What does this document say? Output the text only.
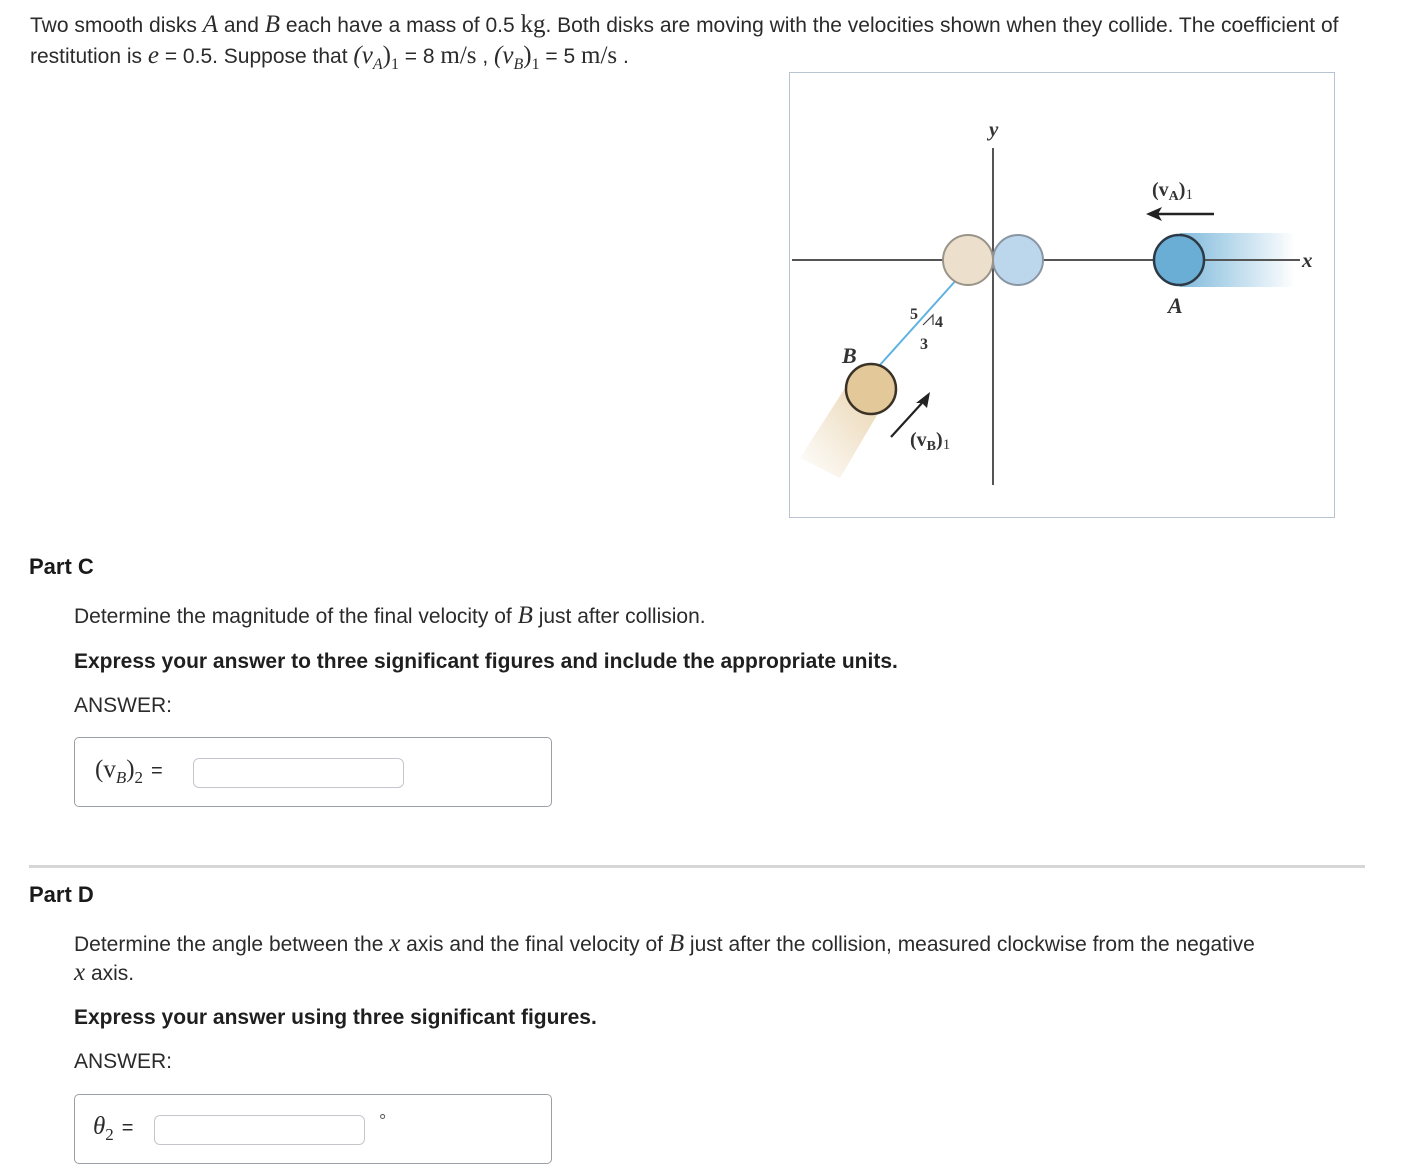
Two smooth disks A and B each have a mass of 0.5 kg. Both disks are moving with the velocities shown when they collide. The coefficient of restitution is e = 0.5. Suppose that $(v_A)_1 = 8$ m/s , $(v_B)_1 = 5$ m/s .
y
x
5 4
3
A
$(v_A)1$
B
$(v_B)1$
Part C
Determine the magnitude of the final velocity of B just after collision.
Express your answer to three significant figures and include the appropriate units.
ANSWER:
$(v_B)_2$ =
Part D
Determine the angle between the x axis and the final velocity of B just after the collision, measured clockwise from the negative
x axis.
Express your answer using three significant figures.
ANSWER:
$\theta_2$ =	°
